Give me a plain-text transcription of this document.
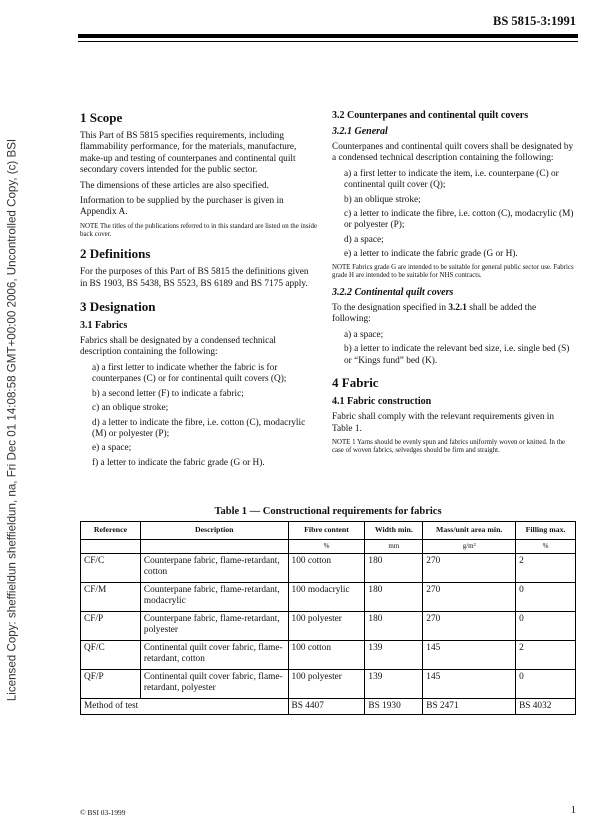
BS 5815-3:1991
Licensed Copy: sheffieldun sheffieldun, na, Fri Dec 01 14:08:58 GMT+00:00 2006, Uncontrolled Copy, (c) BSI
1 Scope

This Part of BS 5815 specifies requirements, including flammability performance, for the materials, manufacture, make-up and testing of counterpanes and continental quilt secondary covers intended for the public sector.

The dimensions of these articles are also specified.

Information to be supplied by the purchaser is given in Appendix A.

NOTE The titles of the publications referred to in this standard are listed on the inside back cover.

2 Definitions

For the purposes of this Part of BS 5815 the definitions given in BS 1903, BS 5438, BS 5523, BS 6189 and BS 7175 apply.

3 Designation
3.1 Fabrics

Fabrics shall be designated by a condensed technical description containing the following:

a) a first letter to indicate whether the fabric is for counterpanes (C) or for continental quilt covers (Q);
b) a second letter (F) to indicate a fabric;
c) an oblique stroke;
d) a letter to indicate the fibre, i.e. cotton (C), modacrylic (M) or polyester (P);
e) a space;
f) a letter to indicate the fabric grade (G or H).
3.2 Counterpanes and continental quilt covers
3.2.1 General

Counterpanes and continental quilt covers shall be designated by a condensed technical description containing the following:

a) a first letter to indicate the item, i.e. counterpane (C) or continental quilt cover (Q);
b) an oblique stroke;
c) a letter to indicate the fibre, i.e. cotton (C), modacrylic (M) or polyester (P);
d) a space;
e) a letter to indicate the fabric grade (G or H).

NOTE Fabrics grade G are intended to be suitable for general public sector use. Fabrics grade H are intended to be suitable for NHS contracts.

3.2.2 Continental quilt covers

To the designation specified in 3.2.1 shall be added the following:

a) a space;
b) a letter to indicate the relevant bed size, i.e. single bed (S) or “Kings fund” bed (K).
4 Fabric
4.1 Fabric construction

Fabric shall comply with the relevant requirements given in Table 1.

NOTE 1 Yarns should be evenly spun and fabrics uniformly woven or knitted. In the case of woven fabrics, selvedges should be firm and straight.

Table 1 — Constructional requirements for fabrics
Reference	Description	Fibre content	Width min.	Mass/unit area min.	Filling max.
		%	mm	g/m²	%
CF/C	Counterpane fabric, flame-retardant, cotton	100 cotton	180	270	2
CF/M	Counterpane fabric, flame-retardant, modacrylic	100 modacrylic	180	270	0
CF/P	Counterpane fabric, flame-retardant, polyester	100 polyester	180	270	0
QF/C	Continental quilt cover fabric, flame-retardant, cotton	100 cotton	139	145	2
QF/P	Continental quilt cover fabric, flame-retardant, polyester	100 polyester	139	145	0
Method of test		BS 4407	BS 1930	BS 2471	BS 4032
© BSI 03-1999	1
